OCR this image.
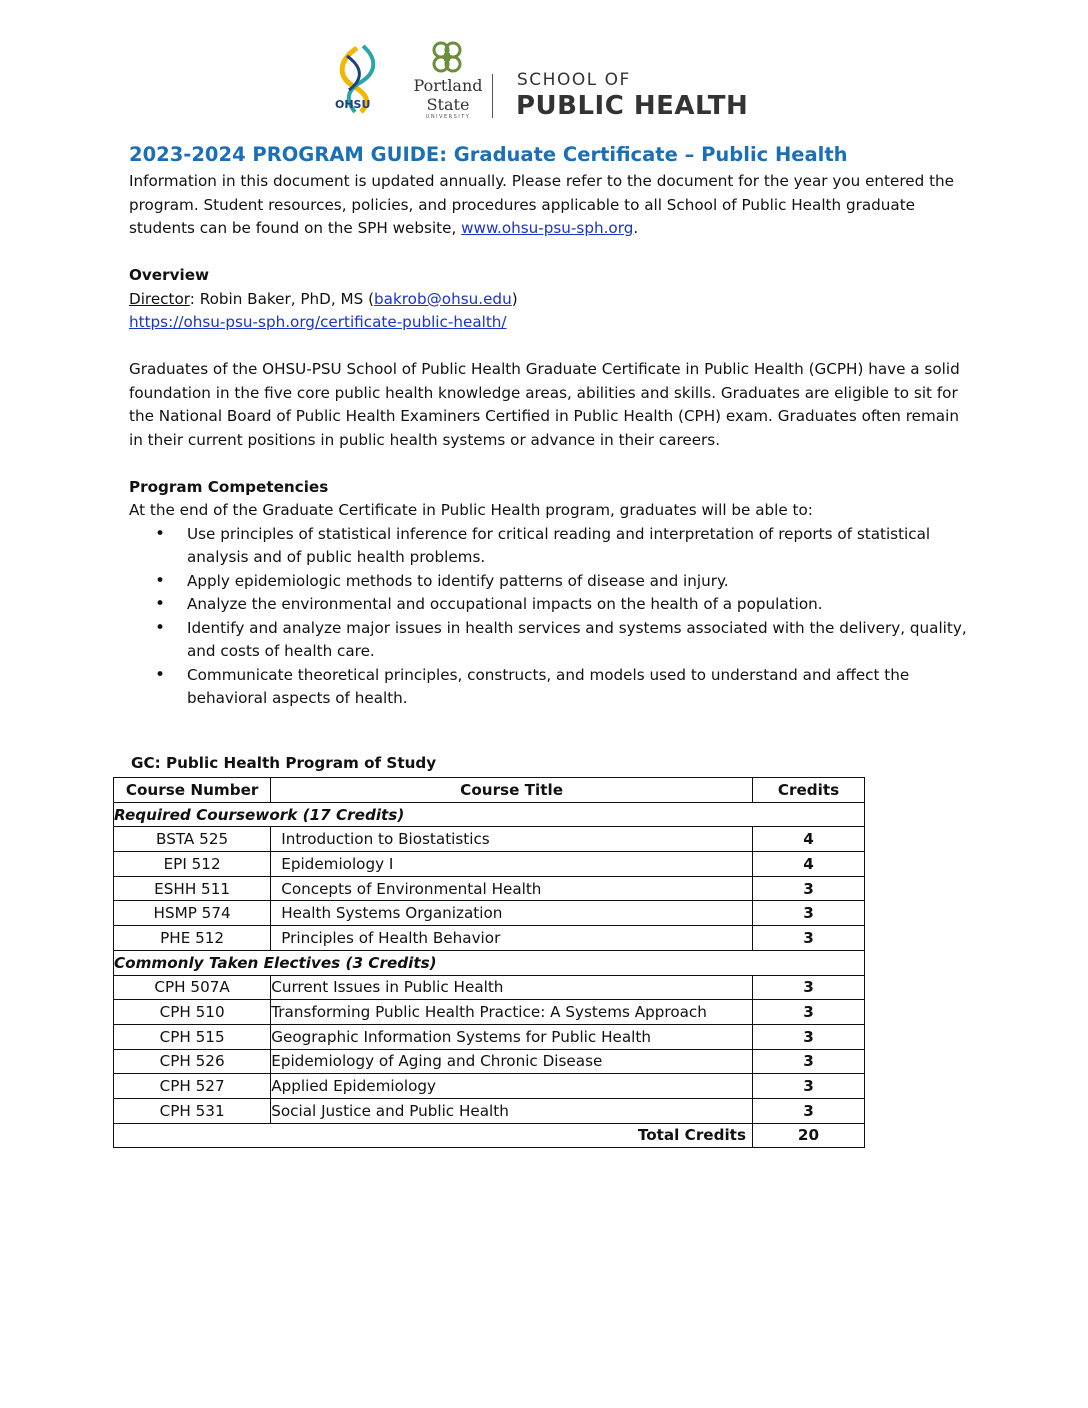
OHSU
Portland
State
UNIVERSITY
SCHOOL OF
PUBLIC HEALTH
2023-2024 PROGRAM GUIDE: Graduate Certificate – Public Health

Information in this document is updated annually. Please refer to the document for the year you entered the program. Student resources, policies, and procedures applicable to all School of Public Health graduate students can be found on the SPH website, www.ohsu-psu-sph.org.

Overview

Director: Robin Baker, PhD, MS (bakrob@ohsu.edu)

https://ohsu-psu-sph.org/certificate-public-health/

Graduates of the OHSU-PSU School of Public Health Graduate Certificate in Public Health (GCPH) have a solid foundation in the five core public health knowledge areas, abilities and skills. Graduates are eligible to sit for the National Board of Public Health Examiners Certified in Public Health (CPH) exam. Graduates often remain in their current positions in public health systems or advance in their careers.

Program Competencies

At the end of the Graduate Certificate in Public Health program, graduates will be able to:

• Use principles of statistical inference for critical reading and interpretation of reports of statistical analysis and of public health problems.
• Apply epidemiologic methods to identify patterns of disease and injury.
• Analyze the environmental and occupational impacts on the health of a population.
• Identify and analyze major issues in health services and systems associated with the delivery, quality, and costs of health care.
• Communicate theoretical principles, constructs, and models used to understand and affect the behavioral aspects of health.
GC: Public Health Program of Study
Course Number	Course Title	Credits
Required Coursework (17 Credits)		
BSTA 525	Introduction to Biostatistics	4
EPI 512	Epidemiology I	4
ESHH 511	Concepts of Environmental Health	3
HSMP 574	Health Systems Organization	3
PHE 512	Principles of Health Behavior	3
Commonly Taken Electives (3 Credits)		
CPH 507A	Current Issues in Public Health	3
CPH 510	Transforming Public Health Practice: A Systems Approach	3
CPH 515	Geographic Information Systems for Public Health	3
CPH 526	Epidemiology of Aging and Chronic Disease	3
CPH 527	Applied Epidemiology	3
CPH 531	Social Justice and Public Health	3
Total Credits		20
